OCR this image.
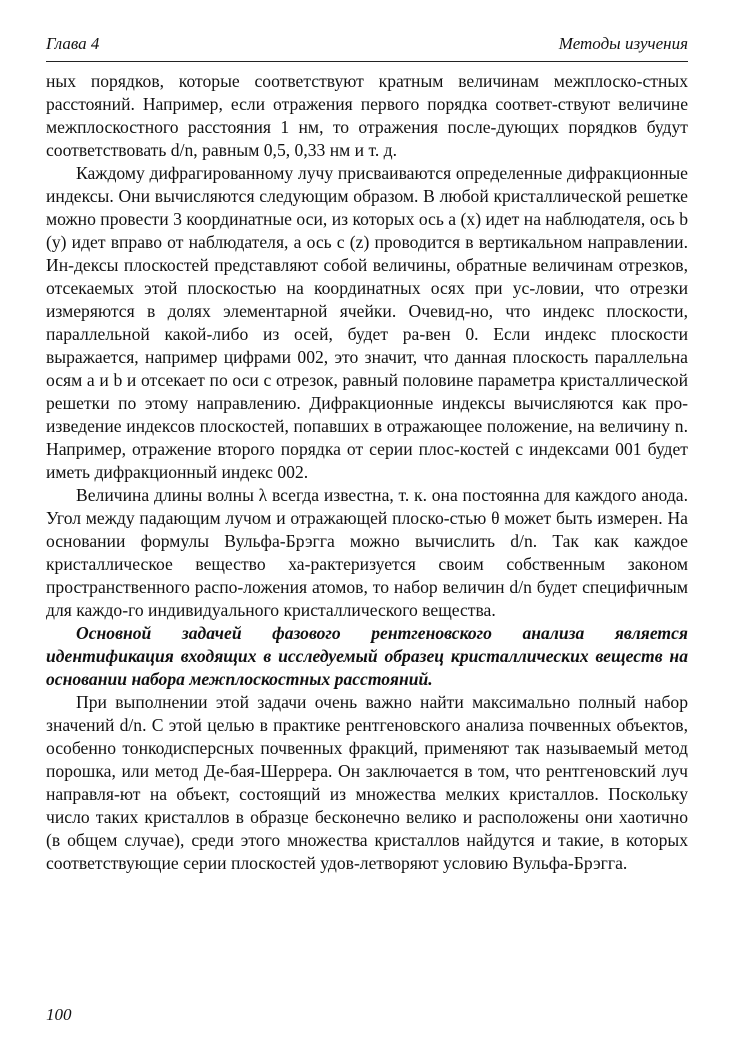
Глава 4	Методы изучения

ных порядков, которые соответствуют кратным величинам межплоско-стных расстояний. Например, если отражения первого порядка соответ-ствуют величине межплоскостного расстояния 1 нм, то отражения после-дующих порядков будут соответствовать d/n, равным 0,5, 0,33 нм и т. д.

Каждому дифрагированному лучу присваиваются определенные дифракционные индексы. Они вычисляются следующим образом. В любой кристаллической решетке можно провести 3 координатные оси, из которых ось a (x) идет на наблюдателя, ось b (y) идет вправо от наблюдателя, а ось c (z) проводится в вертикальном направлении. Ин-дексы плоскостей представляют собой величины, обратные величинам отрезков, отсекаемых этой плоскостью на координатных осях при ус-ловии, что отрезки измеряются в долях элементарной ячейки. Очевид-но, что индекс плоскости, параллельной какой-либо из осей, будет ра-вен 0. Если индекс плоскости выражается, например цифрами 002, это значит, что данная плоскость параллельна осям a и b и отсекает по оси c отрезок, равный половине параметра кристаллической решетки по этому направлению. Дифракционные индексы вычисляются как про-изведение индексов плоскостей, попавших в отражающее положение, на величину n. Например, отражение второго порядка от серии плос-костей с индексами 001 будет иметь дифракционный индекс 002.

Величина длины волны λ всегда известна, т. к. она постоянна для каждого анода. Угол между падающим лучом и отражающей плоско-стью θ может быть измерен. На основании формулы Вульфа-Брэгга можно вычислить d/n. Так как каждое кристаллическое вещество ха-рактеризуется своим собственным законом пространственного распо-ложения атомов, то набор величин d/n будет специфичным для каждо-го индивидуального кристаллического вещества.

Основной задачей фазового рентгеновского анализа является идентификация входящих в исследуемый образец кристаллических веществ на основании набора межплоскостных расстояний.

При выполнении этой задачи очень важно найти максимально полный набор значений d/n. С этой целью в практике рентгеновского анализа почвенных объектов, особенно тонкодисперсных почвенных фракций, применяют так называемый метод порошка, или метод Де-бая-Шеррера. Он заключается в том, что рентгеновский луч направля-ют на объект, состоящий из множества мелких кристаллов. Поскольку число таких кристаллов в образце бесконечно велико и расположены они хаотично (в общем случае), среди этого множества кристаллов найдутся и такие, в которых соответствующие серии плоскостей удов-летворяют условию Вульфа-Брэгга.

100
